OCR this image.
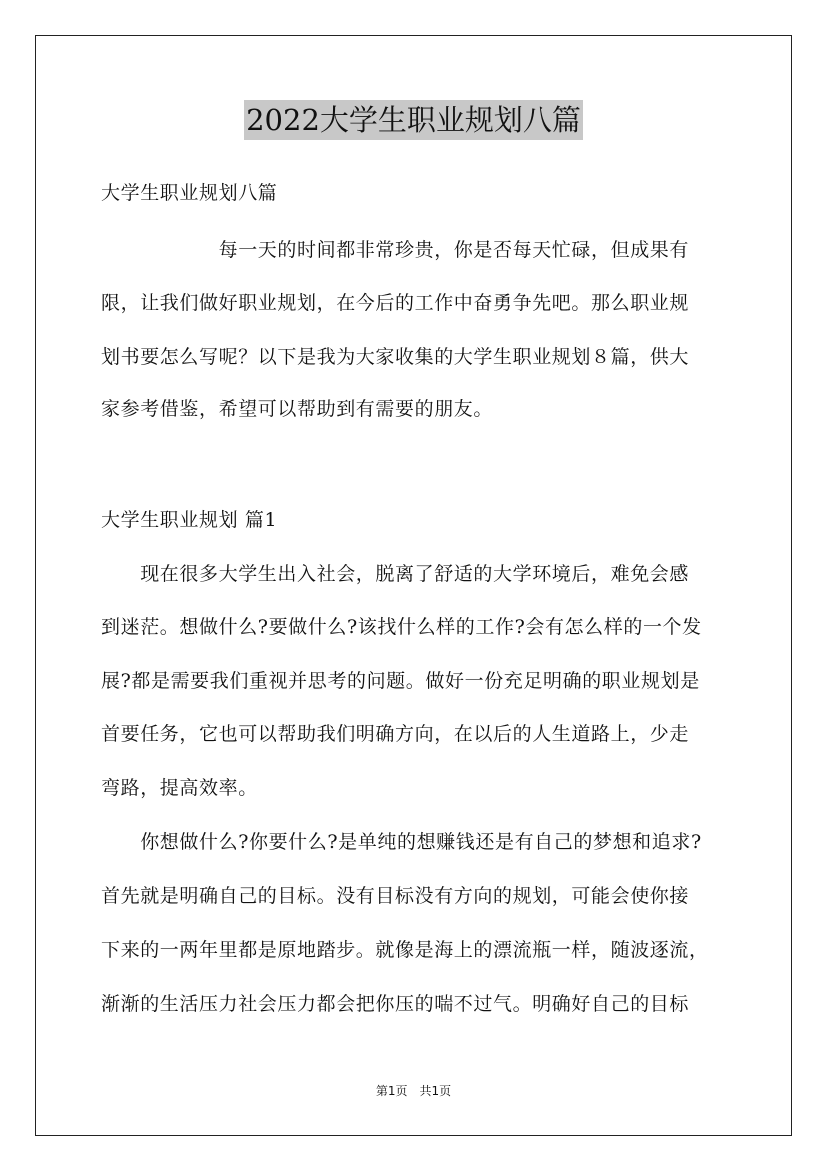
2022大学生职业规划八篇
大学生职业规划八篇
　　　　　　每一天的时间都非常珍贵，你是否每天忙碌，但成果有
限，让我们做好职业规划，在今后的工作中奋勇争先吧。那么职业规
划书要怎么写呢？以下是我为大家收集的大学生职业规划８篇，供大
家参考借鉴，希望可以帮助到有需要的朋友。
大学生职业规划 篇1
　　现在很多大学生出入社会，脱离了舒适的大学环境后，难免会感
到迷茫。想做什么?要做什么?该找什么样的工作?会有怎么样的一个发
展?都是需要我们重视并思考的问题。做好一份充足明确的职业规划是
首要任务，它也可以帮助我们明确方向，在以后的人生道路上，少走
弯路，提高效率。
　　你想做什么?你要什么?是单纯的想赚钱还是有自己的梦想和追求?
首先就是明确自己的目标。没有目标没有方向的规划，可能会使你接
下来的一两年里都是原地踏步。就像是海上的漂流瓶一样，随波逐流，
渐渐的生活压力社会压力都会把你压的喘不过气。明确好自己的目标
第1页　共1页
